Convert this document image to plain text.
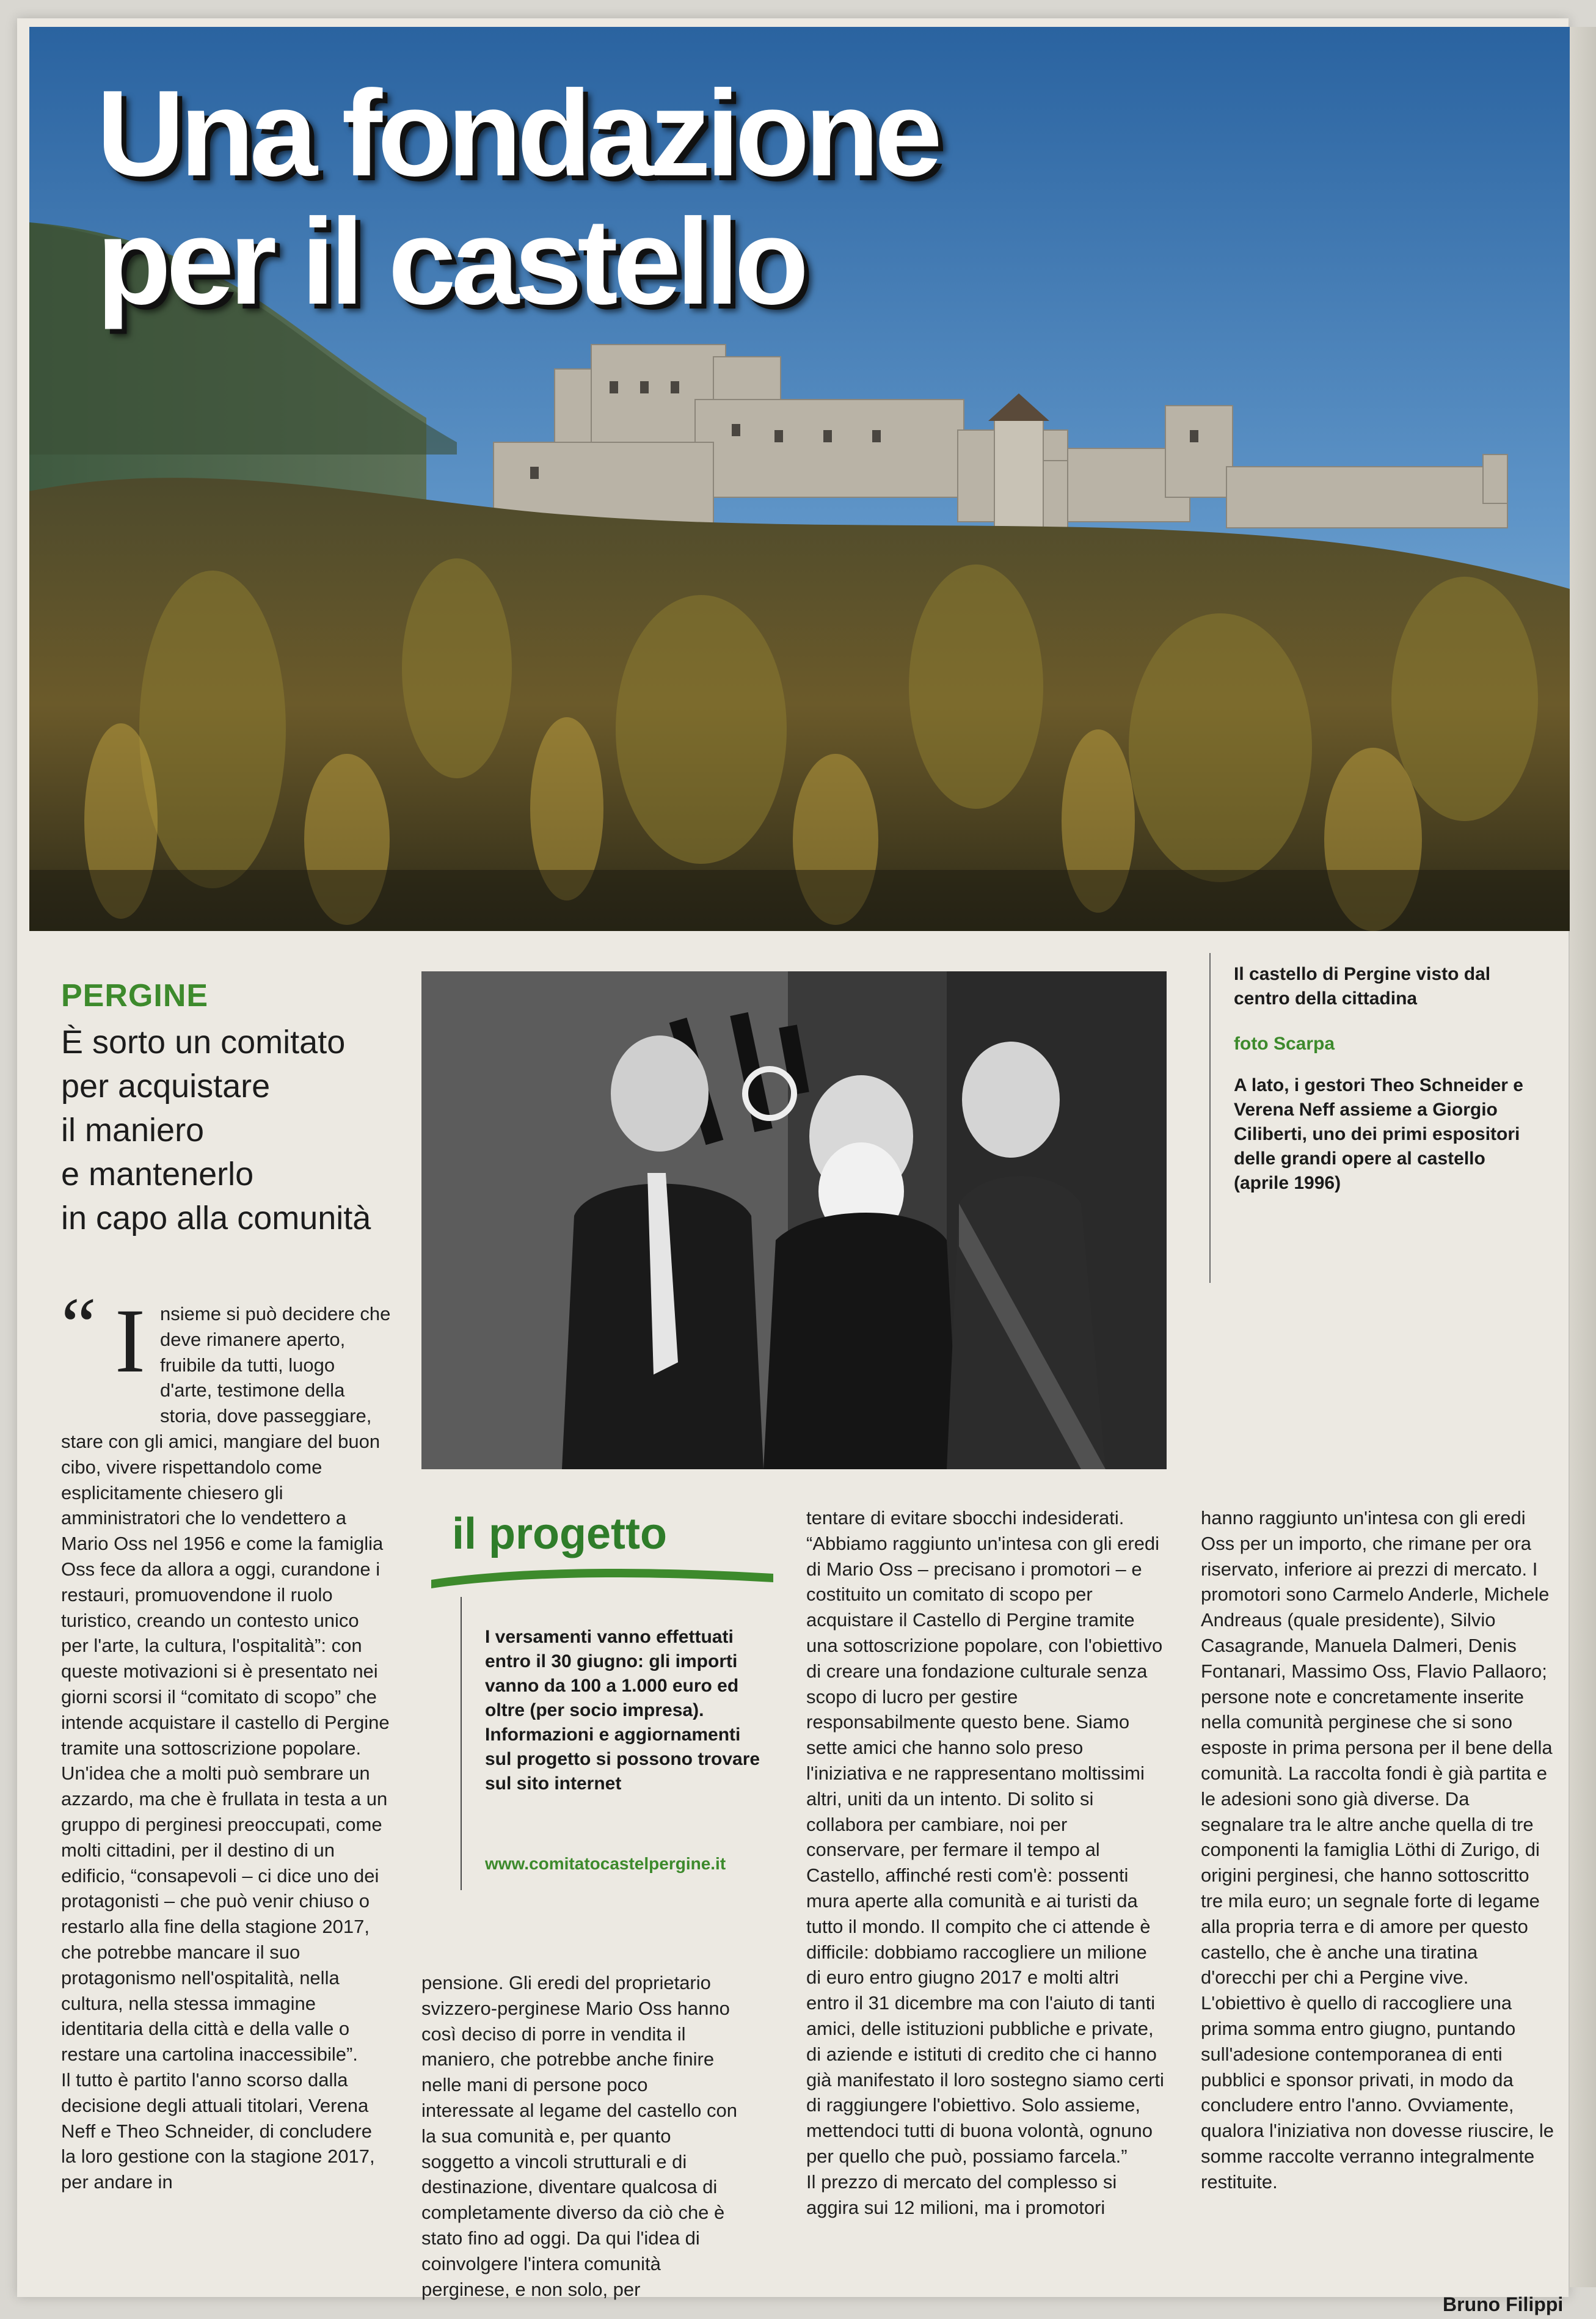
Una fondazione
per il castello

PERGINE

È sorto un comitato
per acquistare
il maniero
e mantenerlo
in capo alla comunità
Il castello di Pergine visto dal centro della cittadina
foto Scarpa
A lato, i gestori Theo Schneider e Verena Neff assieme a Giorgio Ciliberti, uno dei primi espositori delle grandi opere al castello (aprile 1996)
“ I nsieme si può decidere che deve rimanere aperto, fruibile da tutti, luogo d'arte, testimone della storia, dove passeggiare, stare con gli amici, mangiare del buon cibo, vivere rispettandolo come esplicitamente chiesero gli amministratori che lo vendettero a Mario Oss nel 1956 e come la famiglia Oss fece da allora a oggi, curandone i restauri, promuovendone il ruolo turistico, creando un contesto unico per l'arte, la cultura, l'ospitalità”: con queste motivazioni si è presentato nei giorni scorsi il “comitato di scopo” che intende acquistare il castello di Pergine tramite una sottoscrizione popolare.

Un'idea che a molti può sembrare un azzardo, ma che è frullata in testa a un gruppo di perginesi preoccupati, come molti cittadini, per il destino di un edificio, “consapevoli – ci dice uno dei protagonisti – che può venir chiuso o restarlo alla fine della stagione 2017, che potrebbe mancare il suo protagonismo nell'ospitalità, nella cultura, nella stessa immagine identitaria della città e della valle o restare una cartolina inaccessibile”.

Il tutto è partito l'anno scorso dalla decisione degli attuali titolari, Verena Neff e Theo Schneider, di concludere la loro gestione con la stagione 2017, per andare in

pensione. Gli eredi del proprietario svizzero-perginese Mario Oss hanno così deciso di porre in vendita il maniero, che potrebbe anche finire nelle mani di persone poco interessate al legame del castello con la sua comunità e, per quanto soggetto a vincoli strutturali e di destinazione, diventare qualcosa di completamente diverso da ciò che è stato fino ad oggi. Da qui l'idea di coinvolgere l'intera comunità perginese, e non solo, per

il progetto

I versamenti vanno effettuati entro il 30 giugno: gli importi vanno da 100 a 1.000 euro ed oltre (per socio impresa). Informazioni e aggiornamenti sul progetto si possono trovare sul sito internet

www.comitatocastelpergine.it

tentare di evitare sbocchi indesiderati. “Abbiamo raggiunto un'intesa con gli eredi di Mario Oss – precisano i promotori – e costituito un comitato di scopo per acquistare il Castello di Pergine tramite una sottoscrizione popolare, con l'obiettivo di creare una fondazione culturale senza scopo di lucro per gestire responsabilmente questo bene. Siamo sette amici che hanno solo preso l'iniziativa e ne rappresentano moltissimi altri, uniti da un intento. Di solito si collabora per cambiare, noi per conservare, per fermare il tempo al Castello, affinché resti com'è: possenti mura aperte alla comunità e ai turisti da tutto il mondo. Il compito che ci attende è difficile: dobbiamo raccogliere un milione di euro entro giugno 2017 e molti altri entro il 31 dicembre ma con l'aiuto di tanti amici, delle istituzioni pubbliche e private, di aziende e istituti di credito che ci hanno già manifestato il loro sostegno siamo certi di raggiungere l'obiettivo. Solo assieme, mettendoci tutti di buona volontà, ognuno per quello che può, possiamo farcela.”

Il prezzo di mercato del complesso si aggira sui 12 milioni, ma i promotori

hanno raggiunto un'intesa con gli eredi Oss per un importo, che rimane per ora riservato, inferiore ai prezzi di mercato. I promotori sono Carmelo Anderle, Michele Andreaus (quale presidente), Silvio Casagrande, Manuela Dalmeri, Denis Fontanari, Massimo Oss, Flavio Pallaoro; persone note e concretamente inserite nella comunità perginese che si sono esposte in prima persona per il bene della comunità. La raccolta fondi è già partita e le adesioni sono già diverse. Da segnalare tra le altre anche quella di tre componenti la famiglia Löthi di Zurigo, di origini perginesi, che hanno sottoscritto tre mila euro; un segnale forte di legame alla propria terra e di amore per questo castello, che è anche una tiratina d'orecchi per chi a Pergine vive.

L'obiettivo è quello di raccogliere una prima somma entro giugno, puntando sull'adesione contemporanea di enti pubblici e sponsor privati, in modo da concludere entro l'anno. Ovviamente, qualora l'iniziativa non dovesse riuscire, le somme raccolte verranno integralmente restituite.

Bruno Filippi
